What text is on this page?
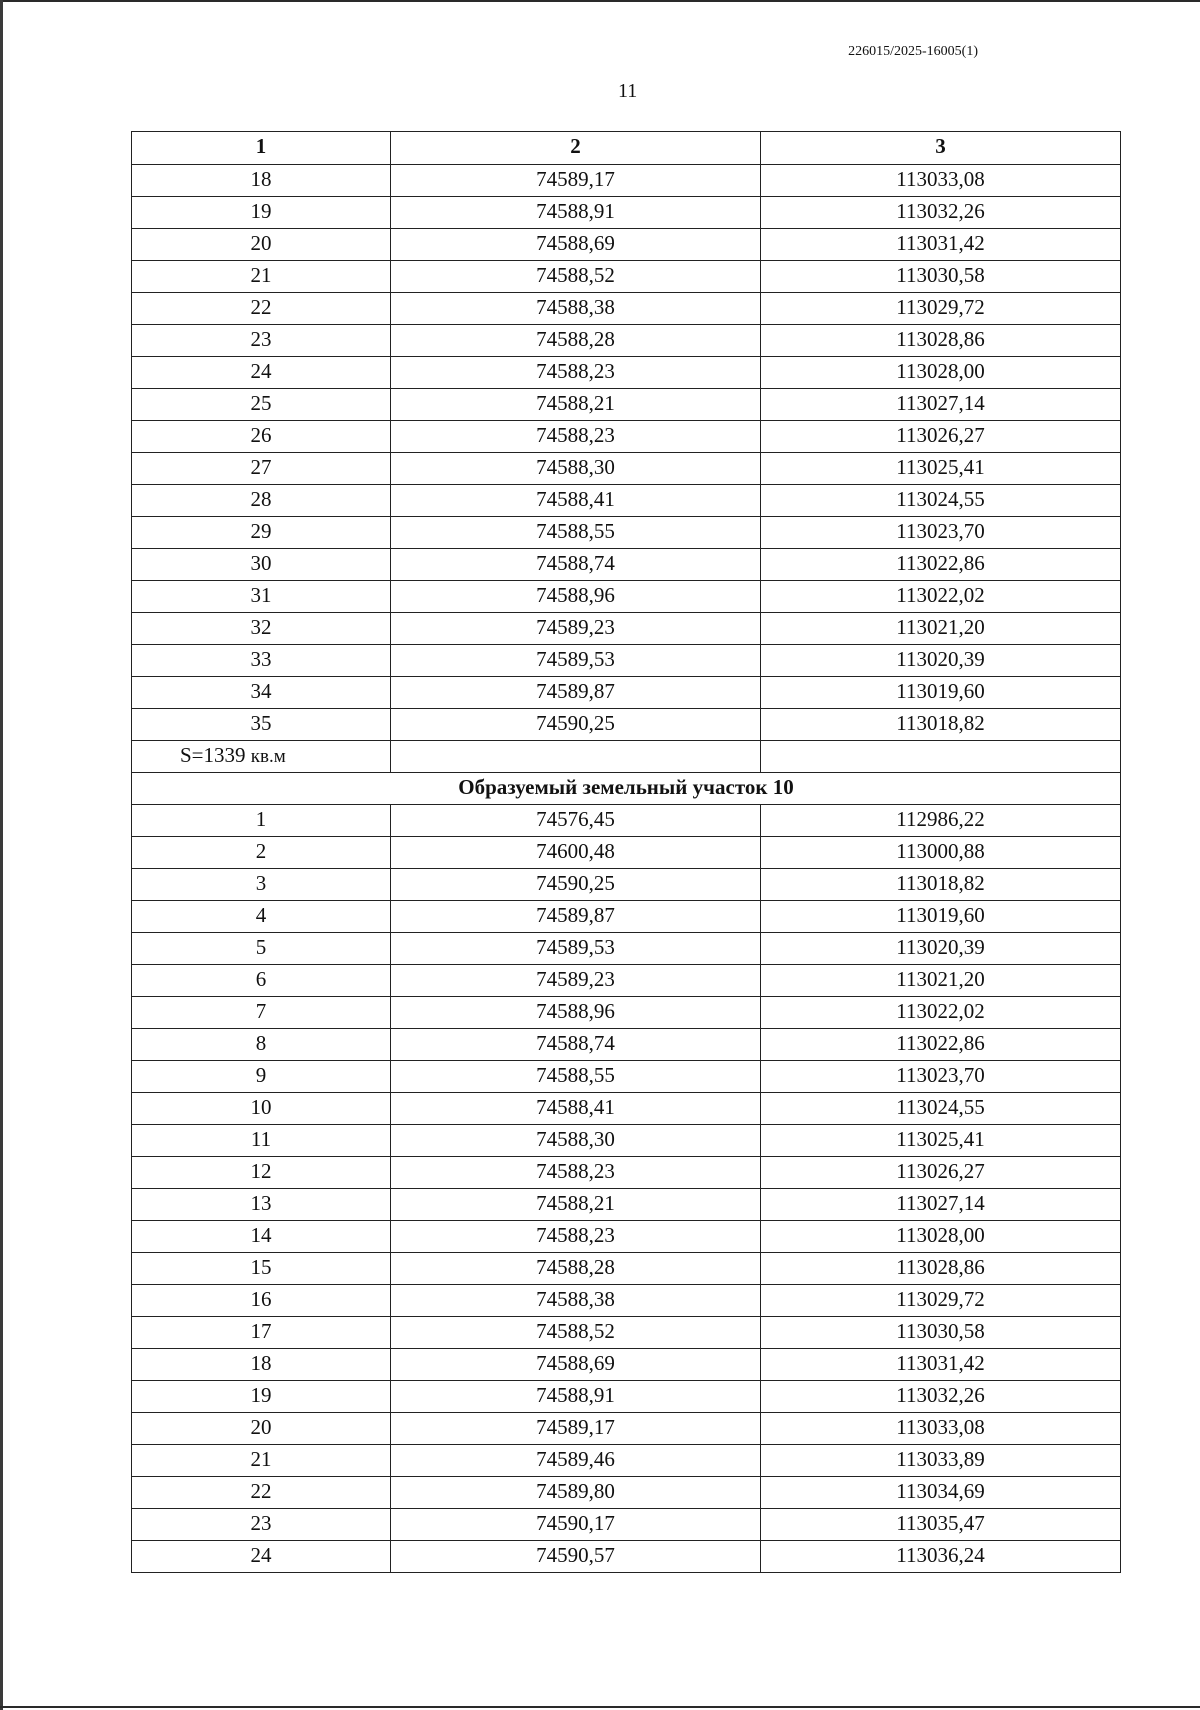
226015/2025-16005(1)
11
1	2	3
18	74589,17	113033,08
19	74588,91	113032,26
20	74588,69	113031,42
21	74588,52	113030,58
22	74588,38	113029,72
23	74588,28	113028,86
24	74588,23	113028,00
25	74588,21	113027,14
26	74588,23	113026,27
27	74588,30	113025,41
28	74588,41	113024,55
29	74588,55	113023,70
30	74588,74	113022,86
31	74588,96	113022,02
32	74589,23	113021,20
33	74589,53	113020,39
34	74589,87	113019,60
35	74590,25	113018,82
S=1339 кв.м		
Образуемый земельный участок 10		
1	74576,45	112986,22
2	74600,48	113000,88
3	74590,25	113018,82
4	74589,87	113019,60
5	74589,53	113020,39
6	74589,23	113021,20
7	74588,96	113022,02
8	74588,74	113022,86
9	74588,55	113023,70
10	74588,41	113024,55
11	74588,30	113025,41
12	74588,23	113026,27
13	74588,21	113027,14
14	74588,23	113028,00
15	74588,28	113028,86
16	74588,38	113029,72
17	74588,52	113030,58
18	74588,69	113031,42
19	74588,91	113032,26
20	74589,17	113033,08
21	74589,46	113033,89
22	74589,80	113034,69
23	74590,17	113035,47
24	74590,57	113036,24
